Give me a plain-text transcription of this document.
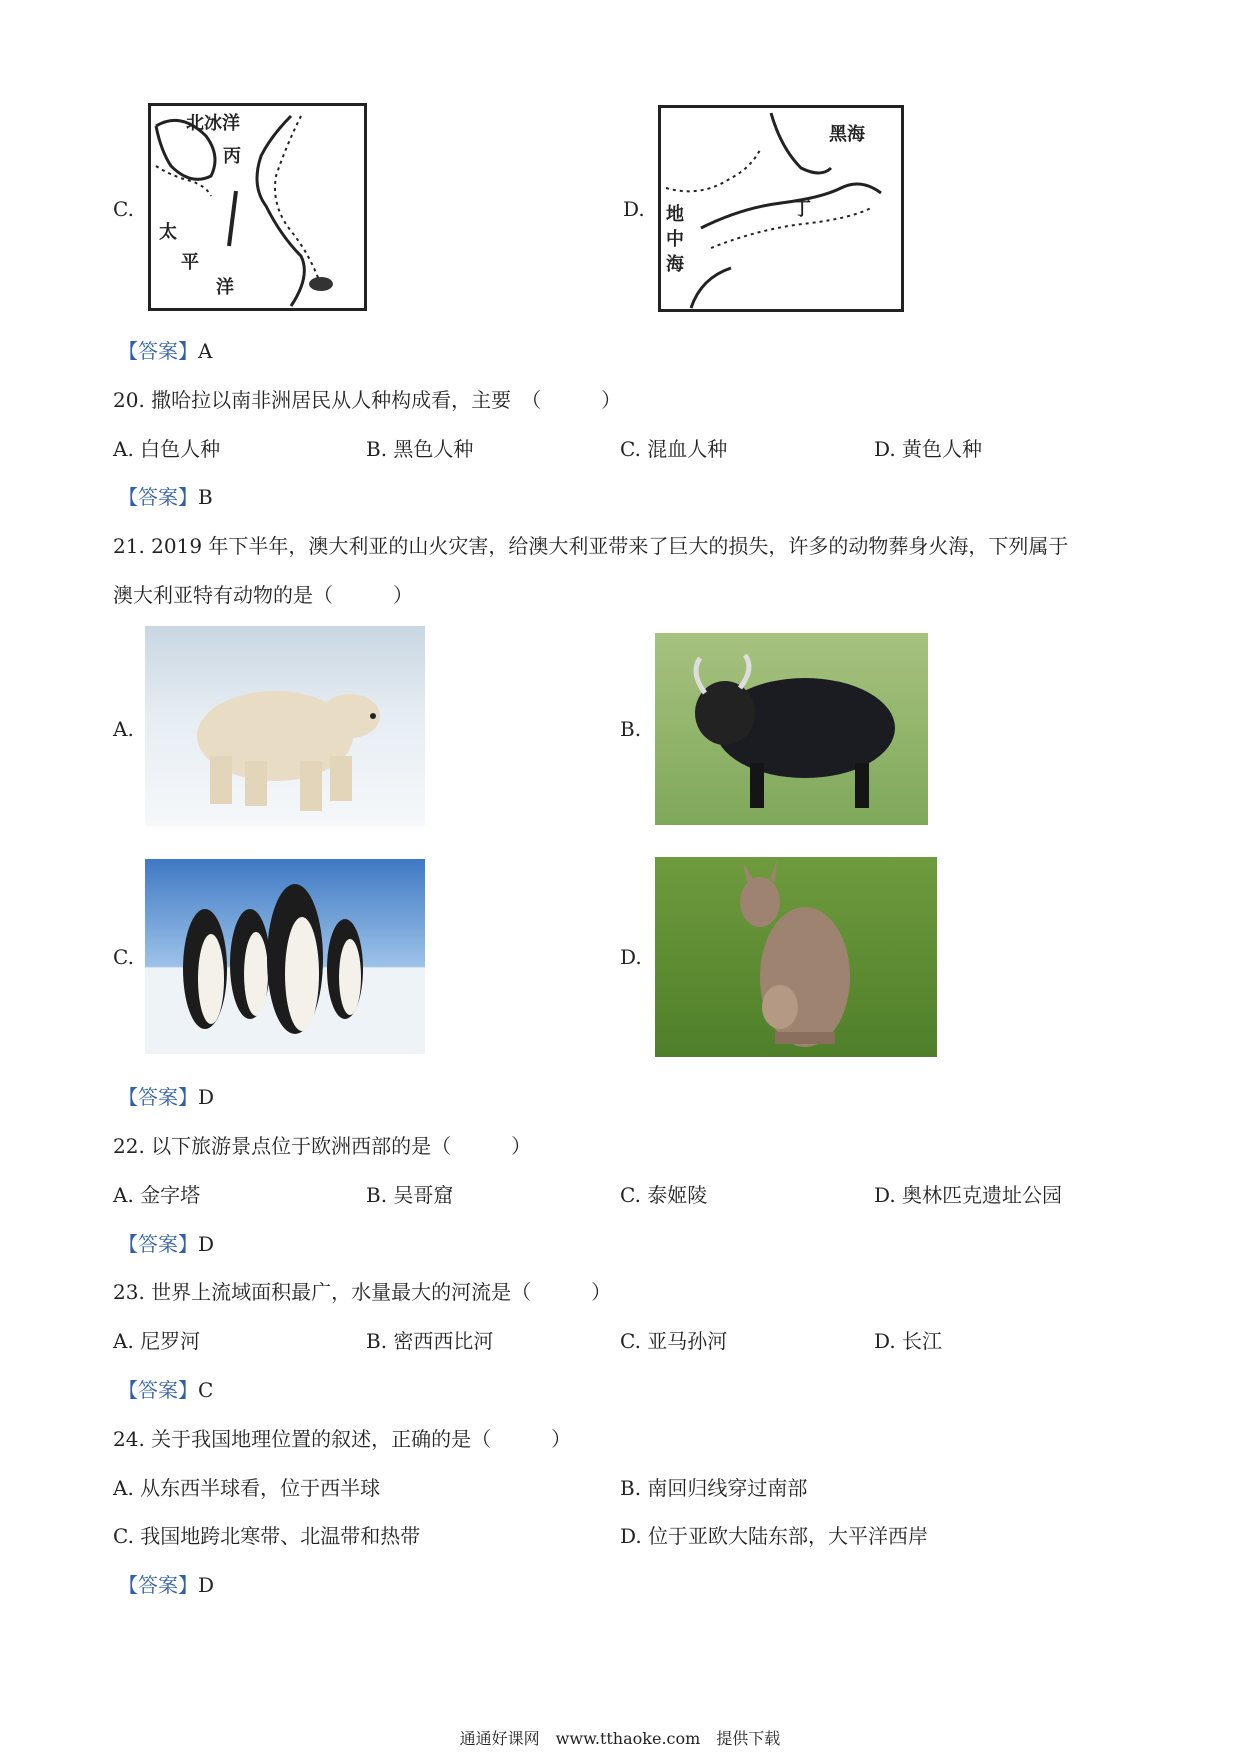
C.
北冰洋
丙
太
平
洋
D.
黑海
丁
地
中
海
【答案】A
20. 撒哈拉以南非洲居民从人种构成看，主要　（　　　）
A. 白色人种	B. 黑色人种	C. 混血人种	D. 黄色人种
【答案】B
21. 2019 年下半年，澳大利亚的山火灾害，给澳大利亚带来了巨大的损失，许多的动物葬身火海，下列属于
澳大利亚特有动物的是（　　　）
A.	B.
C.	D.
【答案】D
22. 以下旅游景点位于欧洲西部的是（　　　）
A. 金字塔	B. 吴哥窟	C. 泰姬陵	D. 奥林匹克遗址公园
【答案】D
23. 世界上流域面积最广，水量最大的河流是（　　　）
A. 尼罗河	B. 密西西比河	C. 亚马孙河	D. 长江
【答案】C
24. 关于我国地理位置的叙述，正确的是（　　　）
A. 从东西半球看，位于西半球	B. 南回归线穿过南部
C. 我国地跨北寒带、北温带和热带	D. 位于亚欧大陆东部，大平洋西岸
【答案】D
通通好课网　www.tthaoke.com　提供下载
